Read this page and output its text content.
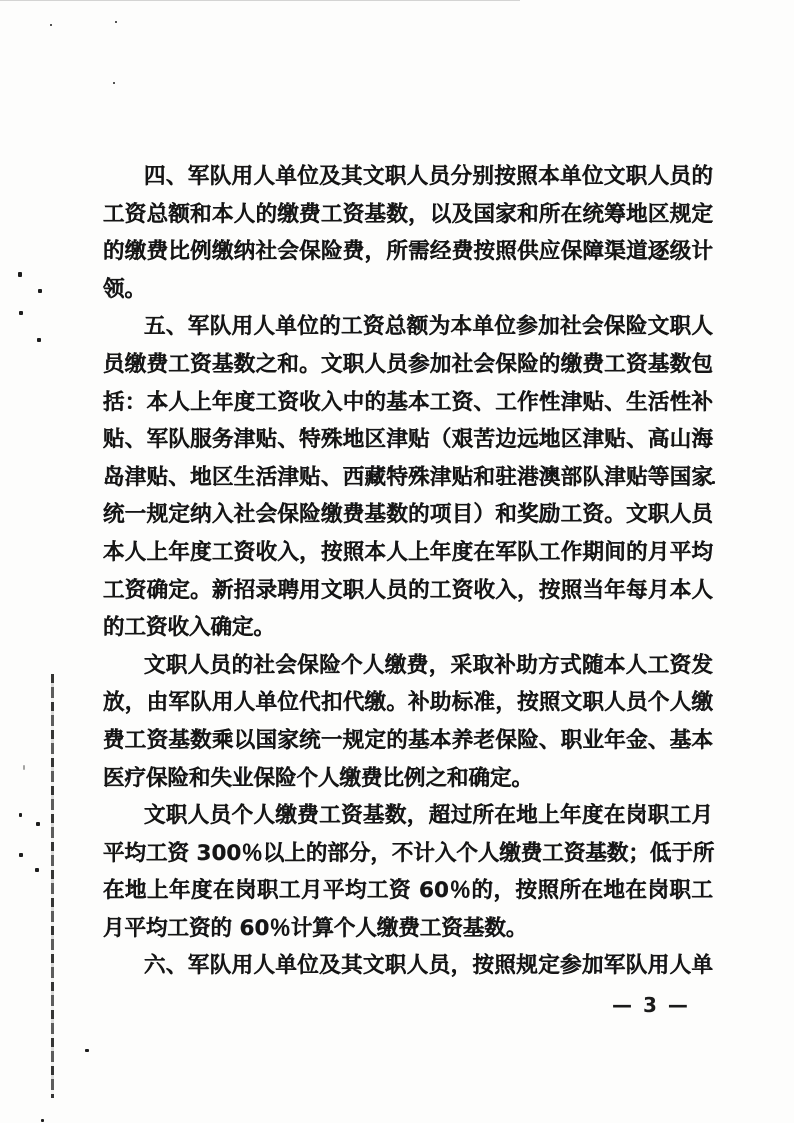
四、军队用人单位及其文职人员分别按照本单位文职人员的
工资总额和本人的缴费工资基数，以及国家和所在统筹地区规定
的缴费比例缴纳社会保险费，所需经费按照供应保障渠道逐级计
领。
五、军队用人单位的工资总额为本单位参加社会保险文职人
员缴费工资基数之和。文职人员参加社会保险的缴费工资基数包
括：本人上年度工资收入中的基本工资、工作性津贴、生活性补
贴、军队服务津贴、特殊地区津贴（艰苦边远地区津贴、高山海
岛津贴、地区生活津贴、西藏特殊津贴和驻港澳部队津贴等国家
统一规定纳入社会保险缴费基数的项目）和奖励工资。文职人员
本人上年度工资收入，按照本人上年度在军队工作期间的月平均
工资确定。新招录聘用文职人员的工资收入，按照当年每月本人
的工资收入确定。
文职人员的社会保险个人缴费，采取补助方式随本人工资发
放，由军队用人单位代扣代缴。补助标准，按照文职人员个人缴
费工资基数乘以国家统一规定的基本养老保险、职业年金、基本
医疗保险和失业保险个人缴费比例之和确定。
文职人员个人缴费工资基数，超过所在地上年度在岗职工月
平均工资 300％以上的部分，不计入个人缴费工资基数；低于所
在地上年度在岗职工月平均工资 60％的，按照所在地在岗职工
月平均工资的 60％计算个人缴费工资基数。
六、军队用人单位及其文职人员，按照规定参加军队用人单
— 3 —
